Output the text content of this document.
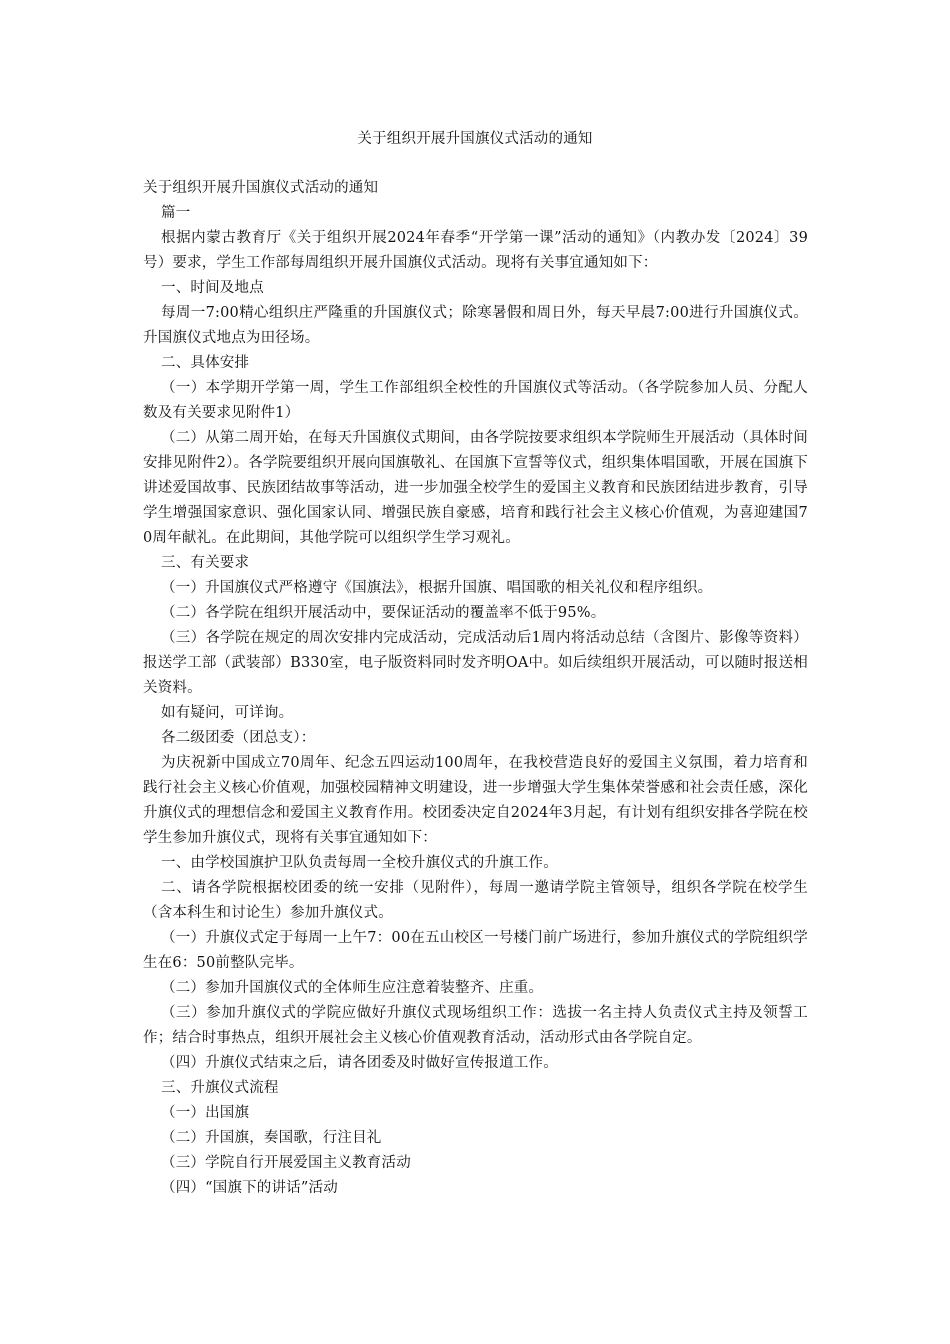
关于组织开展升国旗仪式活动的通知

关于组织开展升国旗仪式活动的通知

篇一

根据内蒙古教育厅《关于组织开展2024年春季“开学第一课”活动的通知》（内教办发〔2024〕39号）要求，学生工作部每周组织开展升国旗仪式活动。现将有关事宜通知如下：

一、时间及地点

每周一7:00精心组织庄严隆重的升国旗仪式；除寒暑假和周日外，每天早晨7:00进行升国旗仪式。升国旗仪式地点为田径场。

二、具体安排

（一）本学期开学第一周，学生工作部组织全校性的升国旗仪式等活动。（各学院参加人员、分配人数及有关要求见附件1）

（二）从第二周开始，在每天升国旗仪式期间，由各学院按要求组织本学院师生开展活动（具体时间安排见附件2）。各学院要组织开展向国旗敬礼、在国旗下宣誓等仪式，组织集体唱国歌，开展在国旗下讲述爱国故事、民族团结故事等活动，进一步加强全校学生的爱国主义教育和民族团结进步教育，引导学生增强国家意识、强化国家认同、增强民族自豪感，培育和践行社会主义核心价值观，为喜迎建国70周年献礼。在此期间，其他学院可以组织学生学习观礼。

三、有关要求

（一）升国旗仪式严格遵守《国旗法》，根据升国旗、唱国歌的相关礼仪和程序组织。

（二）各学院在组织开展活动中，要保证活动的覆盖率不低于95%。

（三）各学院在规定的周次安排内完成活动，完成活动后1周内将活动总结（含图片、影像等资料）报送学工部（武装部）B330室，电子版资料同时发齐明OA中。如后续组织开展活动，可以随时报送相关资料。

如有疑问，可详询。

各二级团委（团总支）：

为庆祝新中国成立70周年、纪念五四运动100周年，在我校营造良好的爱国主义氛围，着力培育和践行社会主义核心价值观，加强校园精神文明建设，进一步增强大学生集体荣誉感和社会责任感，深化升旗仪式的理想信念和爱国主义教育作用。校团委决定自2024年3月起，有计划有组织安排各学院在校学生参加升旗仪式，现将有关事宜通知如下：

一、由学校国旗护卫队负责每周一全校升旗仪式的升旗工作。

二、请各学院根据校团委的统一安排（见附件），每周一邀请学院主管领导，组织各学院在校学生（含本科生和讨论生）参加升旗仪式。

（一）升旗仪式定于每周一上午7：00在五山校区一号楼门前广场进行，参加升旗仪式的学院组织学生在6：50前整队完毕。

（二）参加升国旗仪式的全体师生应注意着装整齐、庄重。

（三）参加升旗仪式的学院应做好升旗仪式现场组织工作：选拔一名主持人负责仪式主持及领誓工作；结合时事热点，组织开展社会主义核心价值观教育活动，活动形式由各学院自定。

（四）升旗仪式结束之后，请各团委及时做好宣传报道工作。

三、升旗仪式流程

（一）出国旗

（二）升国旗，奏国歌，行注目礼

（三）学院自行开展爱国主义教育活动

（四）“国旗下的讲话”活动
